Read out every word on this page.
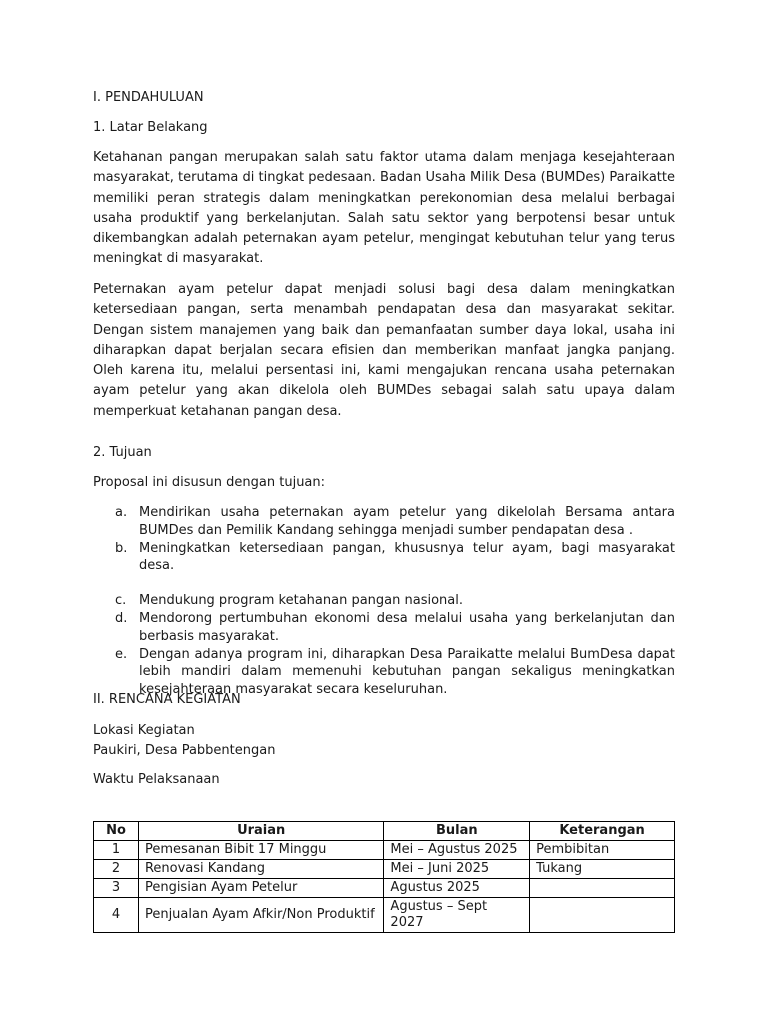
I. PENDAHULUAN

1. Latar Belakang

Ketahanan pangan merupakan salah satu faktor utama dalam menjaga kesejahteraan masyarakat, terutama di tingkat pedesaan. Badan Usaha Milik Desa (BUMDes) Paraikatte memiliki peran strategis dalam meningkatkan perekonomian desa melalui berbagai usaha produktif yang berkelanjutan. Salah satu sektor yang berpotensi besar untuk dikembangkan adalah peternakan ayam petelur, mengingat kebutuhan telur yang terus meningkat di masyarakat.

Peternakan ayam petelur dapat menjadi solusi bagi desa dalam meningkatkan ketersediaan pangan, serta menambah pendapatan desa dan masyarakat sekitar. Dengan sistem manajemen yang baik dan pemanfaatan sumber daya lokal, usaha ini diharapkan dapat berjalan secara efisien dan memberikan manfaat jangka panjang. Oleh karena itu, melalui persentasi ini, kami mengajukan rencana usaha peternakan ayam petelur yang akan dikelola oleh BUMDes sebagai salah satu upaya dalam memperkuat ketahanan pangan desa.

2. Tujuan

Proposal ini disusun dengan tujuan:

a. Mendirikan usaha peternakan ayam petelur yang dikelolah Bersama antara BUMDes dan Pemilik Kandang sehingga menjadi sumber pendapatan desa .
b. Meningkatkan ketersediaan pangan, khususnya telur ayam, bagi masyarakat desa.
c. Mendukung program ketahanan pangan nasional.
d. Mendorong pertumbuhan ekonomi desa melalui usaha yang berkelanjutan dan berbasis masyarakat.
e. Dengan adanya program ini, diharapkan Desa Paraikatte melalui BumDesa dapat lebih mandiri dalam memenuhi kebutuhan pangan sekaligus meningkatkan kesejahteraan masyarakat secara keseluruhan.

II. RENCANA KEGIATAN

Lokasi Kegiatan

Paukiri, Desa Pabbentengan

Waktu Pelaksanaan

No	Uraian	Bulan	Keterangan
1	Pemesanan Bibit 17 Minggu	Mei – Agustus 2025	Pembibitan
2	Renovasi Kandang	Mei – Juni 2025	Tukang
3	Pengisian Ayam Petelur	Agustus 2025	
4	Penjualan Ayam Afkir/Non Produktif	Agustus – Sept 2027	
